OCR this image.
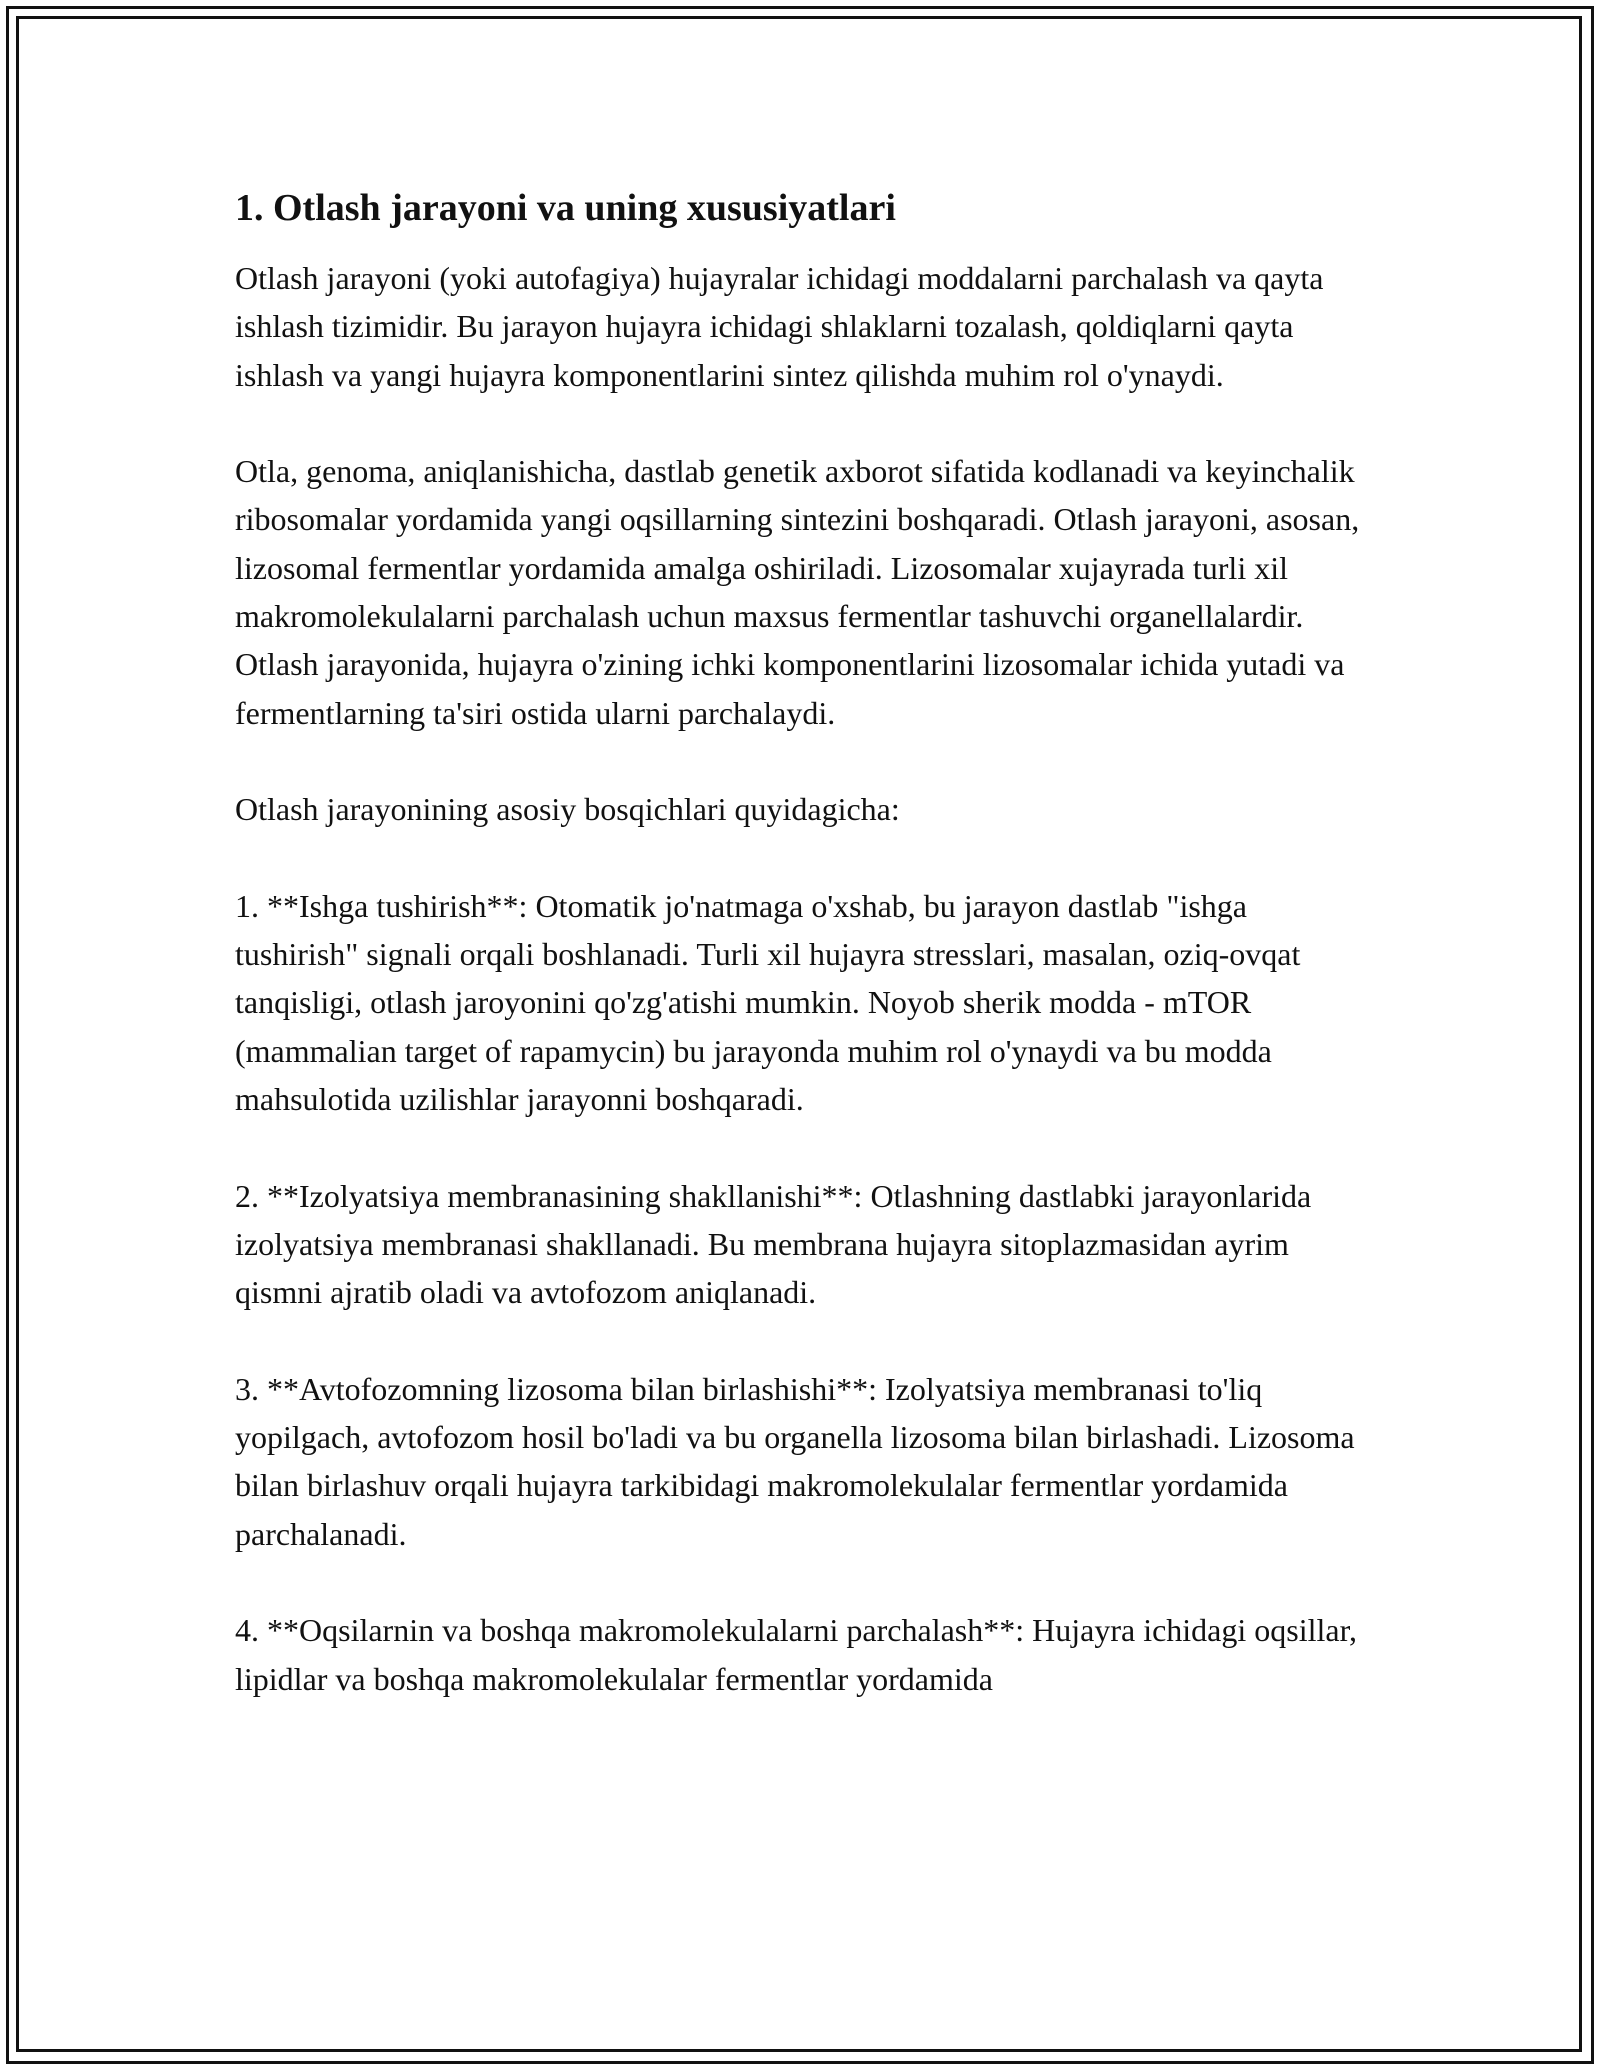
1. Otlash jarayoni va uning xususiyatlari

Otlash jarayoni (yoki autofagiya) hujayralar ichidagi moddalarni parchalash va qayta ishlash tizimidir. Bu jarayon hujayra ichidagi shlaklarni tozalash, qoldiqlarni qayta ishlash va yangi hujayra komponentlarini sintez qilishda muhim rol o'ynaydi.

Otla, genoma, aniqlanishicha, dastlab genetik axborot sifatida kodlanadi va keyinchalik ribosomalar yordamida yangi oqsillarning sintezini boshqaradi. Otlash jarayoni, asosan, lizosomal fermentlar yordamida amalga oshiriladi. Lizosomalar xujayrada turli xil makromolekulalarni parchalash uchun maxsus fermentlar tashuvchi organellalardir. Otlash jarayonida, hujayra o'zining ichki komponentlarini lizosomalar ichida yutadi va fermentlarning ta'siri ostida ularni parchalaydi.

Otlash jarayonining asosiy bosqichlari quyidagicha:

1. **Ishga tushirish**: Otomatik jo'natmaga o'xshab, bu jarayon dastlab "ishga tushirish" signali orqali boshlanadi. Turli xil hujayra stresslari, masalan, oziq-ovqat tanqisligi, otlash jaroyonini qo'zg'atishi mumkin. Noyob sherik modda - mTOR (mammalian target of rapamycin) bu jarayonda muhim rol o'ynaydi va bu modda mahsulotida uzilishlar jarayonni boshqaradi.

2. **Izolyatsiya membranasining shakllanishi**: Otlashning dastlabki jarayonlarida izolyatsiya membranasi shakllanadi. Bu membrana hujayra sitoplazmasidan ayrim qismni ajratib oladi va avtofozom aniqlanadi.

3. **Avtofozomning lizosoma bilan birlashishi**: Izolyatsiya membranasi to'liq yopilgach, avtofozom hosil bo'ladi va bu organella lizosoma bilan birlashadi. Lizosoma bilan birlashuv orqali hujayra tarkibidagi makromolekulalar fermentlar yordamida parchalanadi.

4. **Oqsilarnin va boshqa makromolekulalarni parchalash**: Hujayra ichidagi oqsillar, lipidlar va boshqa makromolekulalar fermentlar yordamida
